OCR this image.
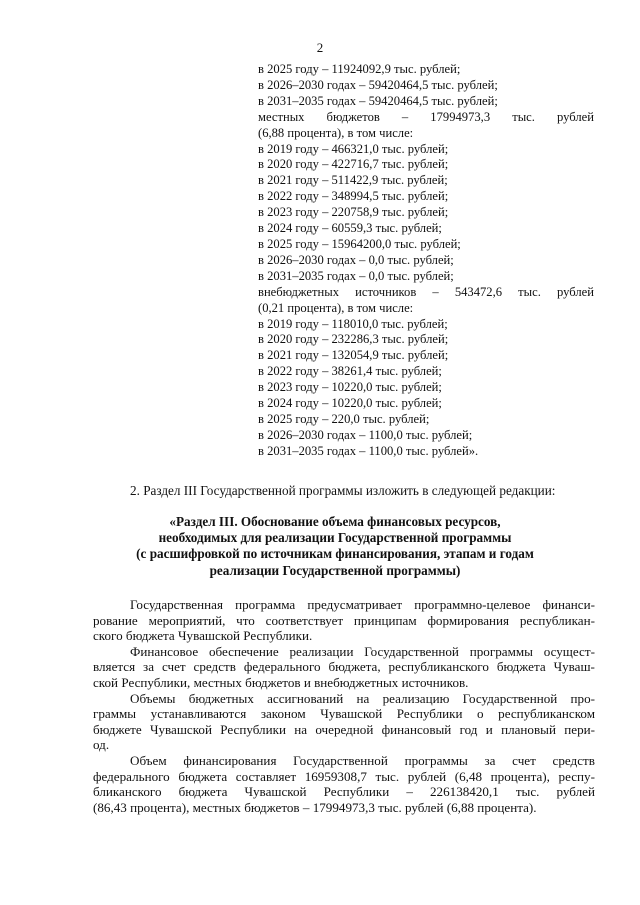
2
в 2025 году – 11924092,9 тыс. рублей;
в 2026–2030 годах – 59420464,5 тыс. рублей;
в 2031–2035 годах – 59420464,5 тыс. рублей;
местных бюджетов – 17994973,3 тыс. рублей
(6,88 процента), в том числе:
в 2019 году – 466321,0 тыс. рублей;
в 2020 году – 422716,7 тыс. рублей;
в 2021 году – 511422,9 тыс. рублей;
в 2022 году – 348994,5 тыс. рублей;
в 2023 году – 220758,9 тыс. рублей;
в 2024 году – 60559,3 тыс. рублей;
в 2025 году – 15964200,0 тыс. рублей;
в 2026–2030 годах – 0,0 тыс. рублей;
в 2031–2035 годах – 0,0 тыс. рублей;
внебюджетных источников – 543472,6 тыс. рублей
(0,21 процента), в том числе:
в 2019 году – 118010,0 тыс. рублей;
в 2020 году – 232286,3 тыс. рублей;
в 2021 году – 132054,9 тыс. рублей;
в 2022 году – 38261,4 тыс. рублей;
в 2023 году – 10220,0 тыс. рублей;
в 2024 году – 10220,0 тыс. рублей;
в 2025 году – 220,0 тыс. рублей;
в 2026–2030 годах – 1100,0 тыс. рублей;
в 2031–2035 годах – 1100,0 тыс. рублей».
2. Раздел III Государственной программы изложить в следующей редакции:
«Раздел III. Обоснование объема финансовых ресурсов,
необходимых для реализации Государственной программы
(с расшифровкой по источникам финансирования, этапам и годам
реализации Государственной программы)
Государственная программа предусматривает программно-целевое финанси-
рование мероприятий, что соответствует принципам формирования республикан-
ского бюджета Чувашской Республики.
Финансовое обеспечение реализации Государственной программы осущест-
вляется за счет средств федерального бюджета, республиканского бюджета Чуваш-
ской Республики, местных бюджетов и внебюджетных источников.
Объемы бюджетных ассигнований на реализацию Государственной про-
граммы устанавливаются законом Чувашской Республики о республиканском
бюджете Чувашской Республики на очередной финансовый год и плановый пери-
од.
Объем финансирования Государственной программы за счет средств
федерального бюджета составляет 16959308,7 тыс. рублей (6,48 процента), респу-
бликанского бюджета Чувашской Республики – 226138420,1 тыс. рублей
(86,43 процента), местных бюджетов – 17994973,3 тыс. рублей (6,88 процента).
